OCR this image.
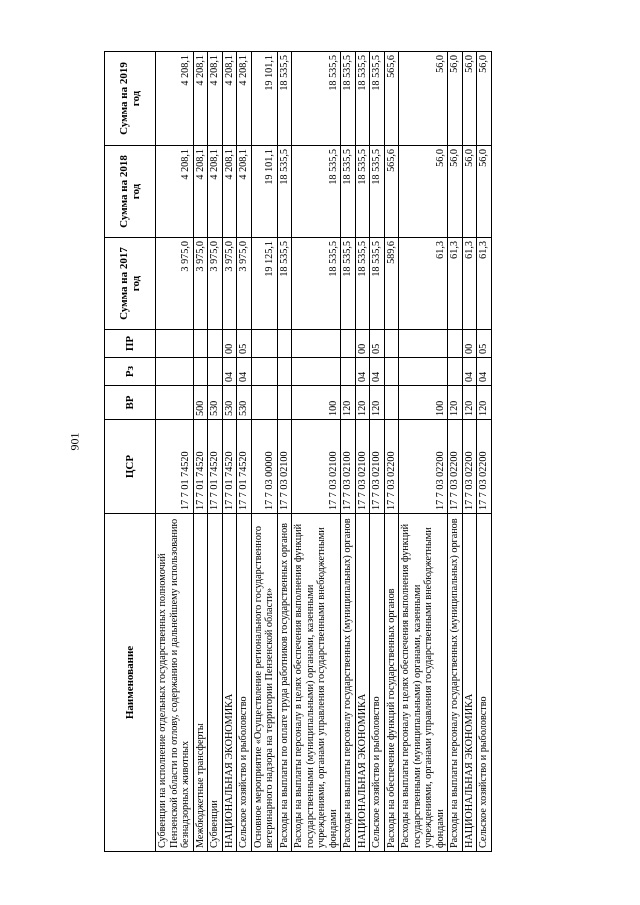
901
Наименование	ЦСР	ВР	Рз	ПР	Сумма на 2017 год	Сумма на 2018 год	Сумма на 2019 год
Субвенции на исполнение отдельных государственных полномочий Пензенской области по отлову, содержанию и дальнейшему использованию безнадзорных животных	17 7 01 74520				3 975,0	4 208,1	4 208,1
Межбюджетные трансферты	17 7 01 74520	500			3 975,0	4 208,1	4 208,1
Субвенции	17 7 01 74520	530			3 975,0	4 208,1	4 208,1
НАЦИОНАЛЬНАЯ ЭКОНОМИКА	17 7 01 74520	530	04	00	3 975,0	4 208,1	4 208,1
Сельское хозяйство и рыболовство	17 7 01 74520	530	04	05	3 975,0	4 208,1	4 208,1
Основное мероприятие «Осуществление регионального государственного ветеринарного надзора на территории Пензенской области»	17 7 03 00000				19 125,1	19 101,1	19 101,1
Расходы на выплаты по оплате труда работников государственных органов	17 7 03 02100				18 535,5	18 535,5	18 535,5
Расходы на выплаты персоналу в целях обеспечения выполнения функций государственными (муниципальными) органами, казенными учреждениями, органами управления государственными внебюджетными фондами	17 7 03 02100	100			18 535,5	18 535,5	18 535,5
Расходы на выплаты персоналу государственных (муниципальных) органов	17 7 03 02100	120			18 535,5	18 535,5	18 535,5
НАЦИОНАЛЬНАЯ ЭКОНОМИКА	17 7 03 02100	120	04	00	18 535,5	18 535,5	18 535,5
Сельское хозяйство и рыболовство	17 7 03 02100	120	04	05	18 535,5	18 535,5	18 535,5
Расходы на обеспечение функций государственных органов	17 7 03 02200				589,6	565,6	565,6
Расходы на выплаты персоналу в целях обеспечения выполнения функций государственными (муниципальными) органами, казенными учреждениями, органами управления государственными внебюджетными фондами	17 7 03 02200	100			61,3	56,0	56,0
Расходы на выплаты персоналу государственных (муниципальных) органов	17 7 03 02200	120			61,3	56,0	56,0
НАЦИОНАЛЬНАЯ ЭКОНОМИКА	17 7 03 02200	120	04	00	61,3	56,0	56,0
Сельское хозяйство и рыболовство	17 7 03 02200	120	04	05	61,3	56,0	56,0
